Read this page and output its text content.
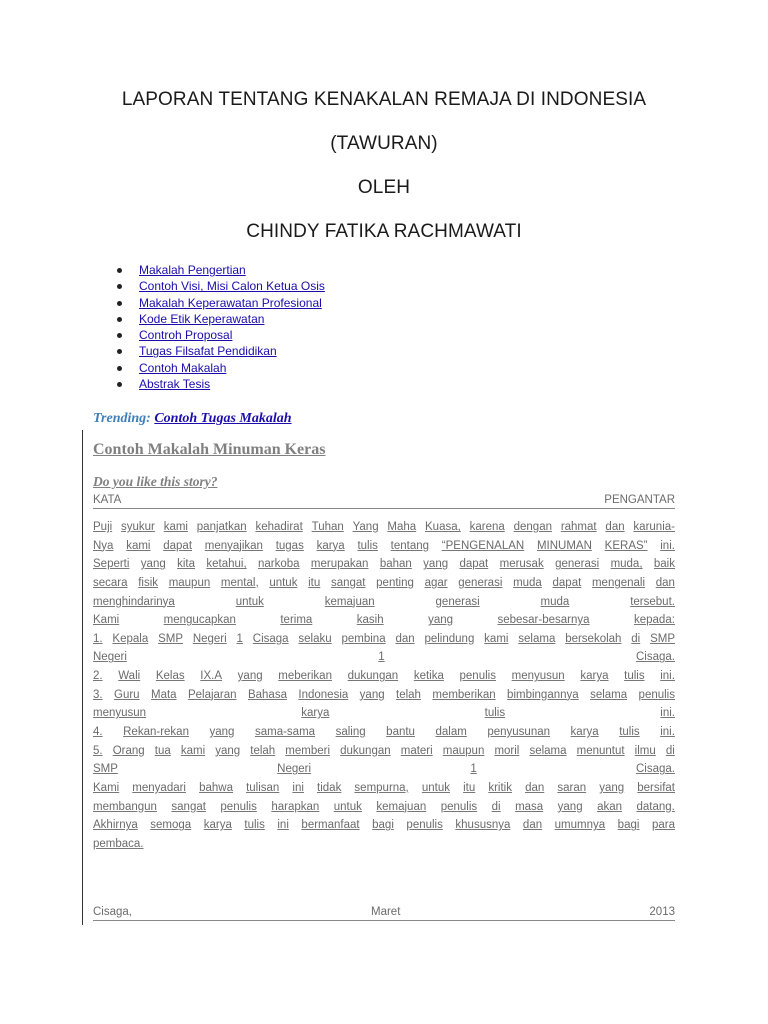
LAPORAN TENTANG KENAKALAN REMAJA DI INDONESIA
(TAWURAN)
OLEH
CHINDY FATIKA RACHMAWATI
Makalah Pengertian
Contoh Visi, Misi Calon Ketua Osis
Makalah Keperawatan Profesional
Kode Etik Keperawatan
Controh Proposal
Tugas Filsafat Pendidikan
Contoh Makalah
Abstrak Tesis
Trending: Contoh Tugas Makalah
Contoh Makalah Minuman Keras
Do you like this story?
KATA	PENGANTAR
Puji syukur kami panjatkan kehadirat Tuhan Yang Maha Kuasa, karena dengan rahmat dan karunia-
Nya kami dapat menyajikan tugas karya tulis tentang “PENGENALAN MINUMAN KERAS” ini.
Seperti yang kita ketahui, narkoba merupakan bahan yang dapat merusak generasi muda, baik
secara fisik maupun mental, untuk itu sangat penting agar generasi muda dapat mengenali dan
menghindarinya	untuk	kemajuan	generasi	muda	tersebut.
Kami	mengucapkan	terima	kasih	yang	sebesar-besarnya	kepada:
1. Kepala SMP Negeri 1 Cisaga selaku pembina dan pelindung kami selama bersekolah di SMP
Negeri	1	Cisaga.
2. Wali Kelas IX.A yang meberikan dukungan ketika penulis menyusun karya tulis ini.
3. Guru Mata Pelajaran Bahasa Indonesia yang telah memberikan bimbingannya selama penulis
menyusun	karya	tulis	ini.
4. Rekan-rekan yang sama-sama saling bantu dalam penyusunan karya tulis ini.
5. Orang tua kami yang telah memberi dukungan materi maupun moril selama menuntut ilmu di
SMP	Negeri	1	Cisaga.
Kami menyadari bahwa tulisan ini tidak sempurna, untuk itu kritik dan saran yang bersifat
membangun sangat penulis harapkan untuk kemajuan penulis di masa yang akan datang.
Akhirnya semoga karya tulis ini bermanfaat bagi penulis khususnya dan umumnya bagi para
pembaca.
Cisaga,	Maret	2013
